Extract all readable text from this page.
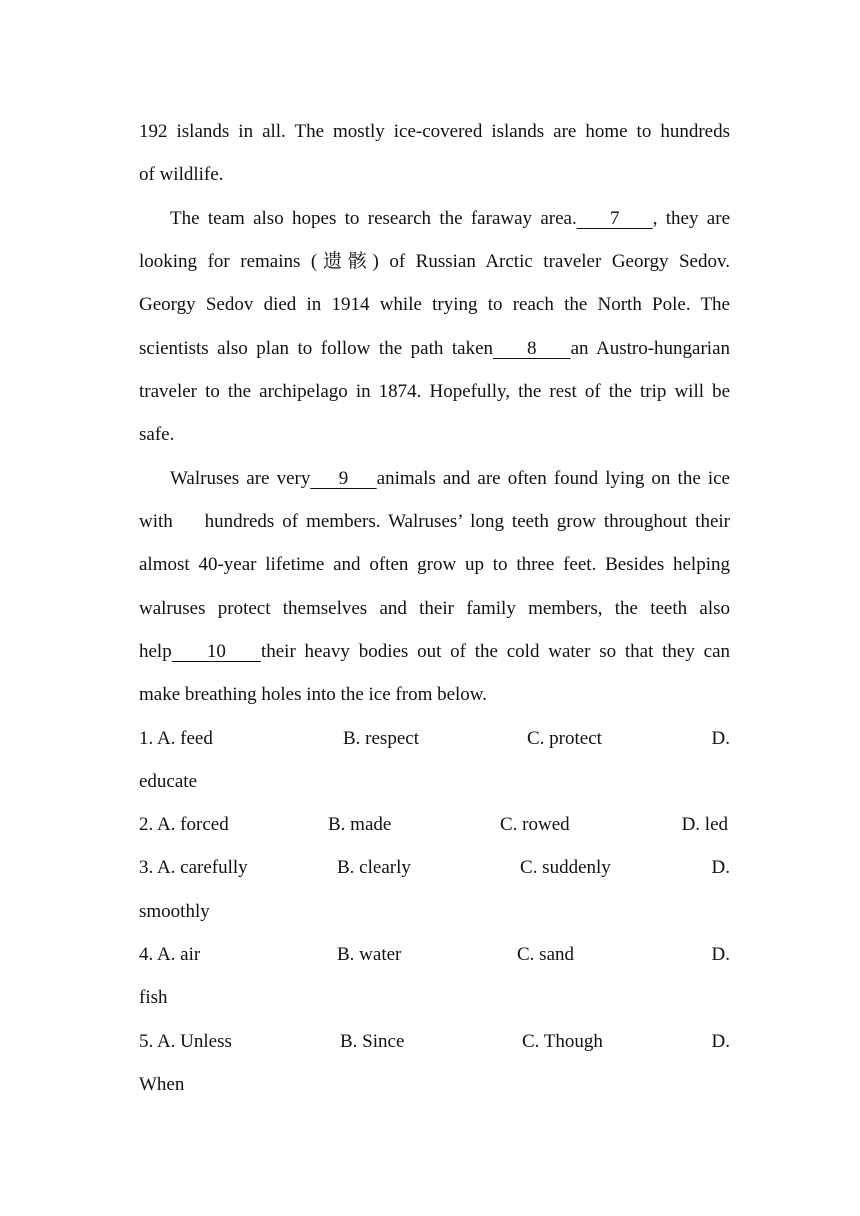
192 islands in all. The mostly ice-covered islands are home to hundreds
of wildlife.
The team also hopes to research the faraway area.    7    , they are
looking for remains (遗骸) of Russian Arctic traveler Georgy Sedov.
Georgy Sedov died in 1914 while trying to reach the North Pole. The
scientists also plan to follow the path taken    8    an Austro-hungarian
traveler to the archipelago in 1874. Hopefully, the rest of the trip will be
safe.
Walruses are very    9    animals and are often found lying on the ice
with    hundreds of members. Walruses’ long teeth grow throughout their
almost 40-year lifetime and often grow up to three feet. Besides helping
walruses protect themselves and their family members, the teeth also
help    10    their heavy bodies out of the cold water so that they can
make breathing holes into the ice from below.
1. A. feed	B. respect	C. protect	D.
educate
2. A. forced	B. made	C. rowed	D. led
3. A. carefully	B. clearly	C. suddenly	D.
smoothly
4. A. air	B. water	C. sand	D.
fish
5. A. Unless	B. Since	C. Though	D.
When
